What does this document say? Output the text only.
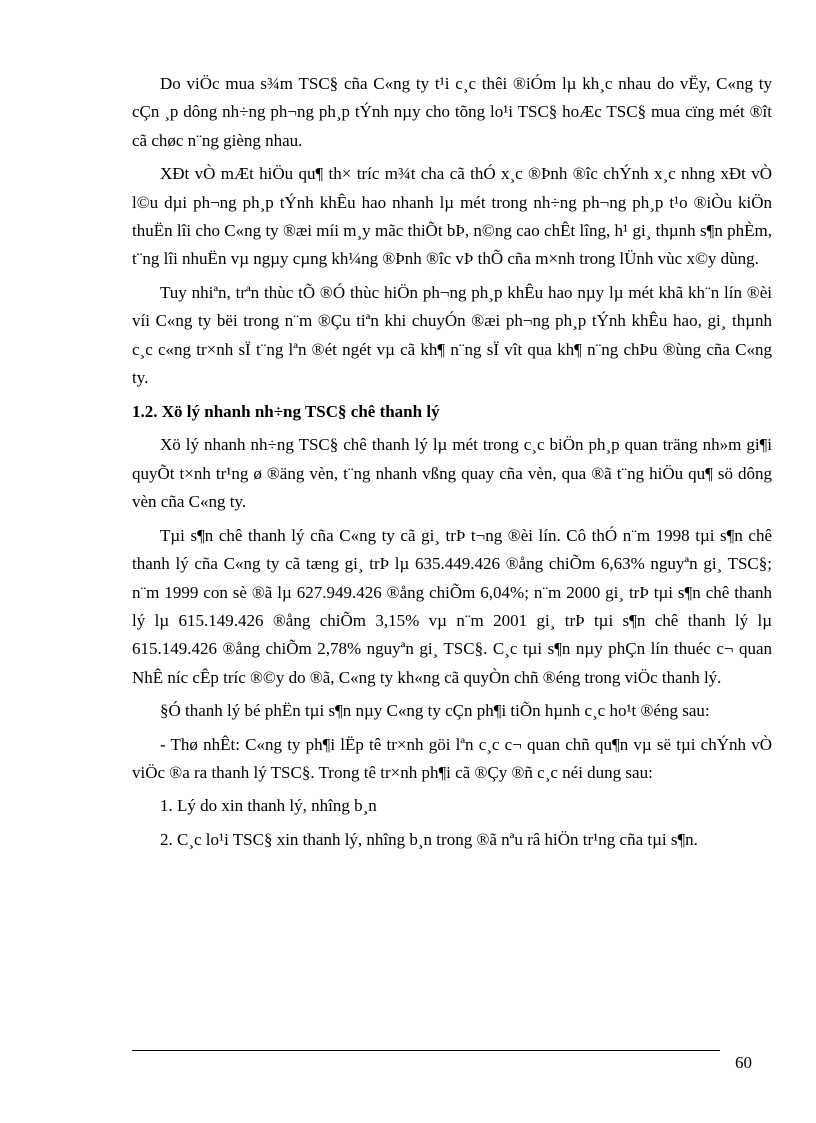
Do viÖc mua s¾m TSC§ cña C«ng ty t¹i c¸c thêi ®iÓm lµ kh¸c nhau do vËy, C«ng ty cÇn ¸p dông nh÷ng ph¬ng ph¸p tÝnh nµy cho tõng lo¹i TSC§ hoÆc TSC§ mua cïng mét ®ît cã chøc n¨ng gièng nhau.

XÐt vÒ mÆt hiÖu qu¶ th× tríc m¾t cha cã thÓ x¸c ®Þnh ®îc chÝnh x¸c nhng xÐt vÒ l©u dµi ph¬ng ph¸p tÝnh khÊu hao nhanh lµ mét trong nh÷ng ph¬ng ph¸p t¹o ®iÒu kiÖn thuËn lîi cho C«ng ty ®æi míi m¸y mãc thiÕt bÞ, n©ng cao chÊt lîng, h¹ gi¸ thµnh s¶n phÈm, t¨ng lîi nhuËn vµ ngµy cµng kh¼ng ®Þnh ®îc vÞ thÕ cña m×nh trong lÜnh vùc x©y dùng.

Tuy nhiªn, trªn thùc tÕ ®Ó thùc hiÖn ph¬ng ph¸p khÊu hao nµy lµ mét khã kh¨n lín ®èi víi C«ng ty bëi trong n¨m ®Çu tiªn khi chuyÓn ®æi ph¬ng ph¸p tÝnh khÊu hao, gi¸ thµnh c¸c c«ng tr×nh sÏ t¨ng lªn ®ét ngét vµ cã kh¶ n¨ng sÏ vît qua kh¶ n¨ng chÞu ®ùng cña C«ng ty.

1.2. Xö lý nhanh nh÷ng TSC§ chê thanh lý

Xö lý nhanh nh÷ng TSC§ chê thanh lý lµ mét trong c¸c biÖn ph¸p quan träng nh»m gi¶i quyÕt t×nh tr¹ng ø ®äng vèn, t¨ng nhanh vßng quay cña vèn, qua ®ã t¨ng hiÖu qu¶ sö dông vèn cña C«ng ty.

Tµi s¶n chê thanh lý cña C«ng ty cã gi¸ trÞ t¬ng ®èi lín. Cô thÓ n¨m 1998 tµi s¶n chê thanh lý cña C«ng ty cã tæng gi¸ trÞ lµ 635.449.426 ®ång chiÕm 6,63% nguyªn gi¸ TSC§; n¨m 1999 con sè ®ã lµ 627.949.426 ®ång chiÕm 6,04%; n¨m 2000 gi¸ trÞ tµi s¶n chê thanh lý lµ 615.149.426 ®ång chiÕm 3,15% vµ n¨m 2001 gi¸ trÞ tµi s¶n chê thanh lý lµ 615.149.426 ®ång chiÕm 2,78% nguyªn gi¸ TSC§. C¸c tµi s¶n nµy phÇn lín thuéc c¬ quan NhÊ níc cÊp tríc ®©y do ®ã, C«ng ty kh«ng cã quyÒn chñ ®éng trong viÖc thanh lý.

§Ó thanh lý bé phËn tµi s¶n nµy C«ng ty cÇn ph¶i tiÕn hµnh c¸c ho¹t ®éng sau:

- Thø nhÊt: C«ng ty ph¶i lËp tê tr×nh göi lªn c¸c c¬ quan chñ qu¶n vµ së tµi chÝnh vÒ viÖc ®a ra thanh lý TSC§. Trong tê tr×nh ph¶i cã ®Çy ®ñ c¸c néi dung sau:

1. Lý do xin thanh lý, nhîng b¸n

2. C¸c lo¹i TSC§ xin thanh lý, nhîng b¸n trong ®ã nªu râ hiÖn tr¹ng cña tµi s¶n.

60
